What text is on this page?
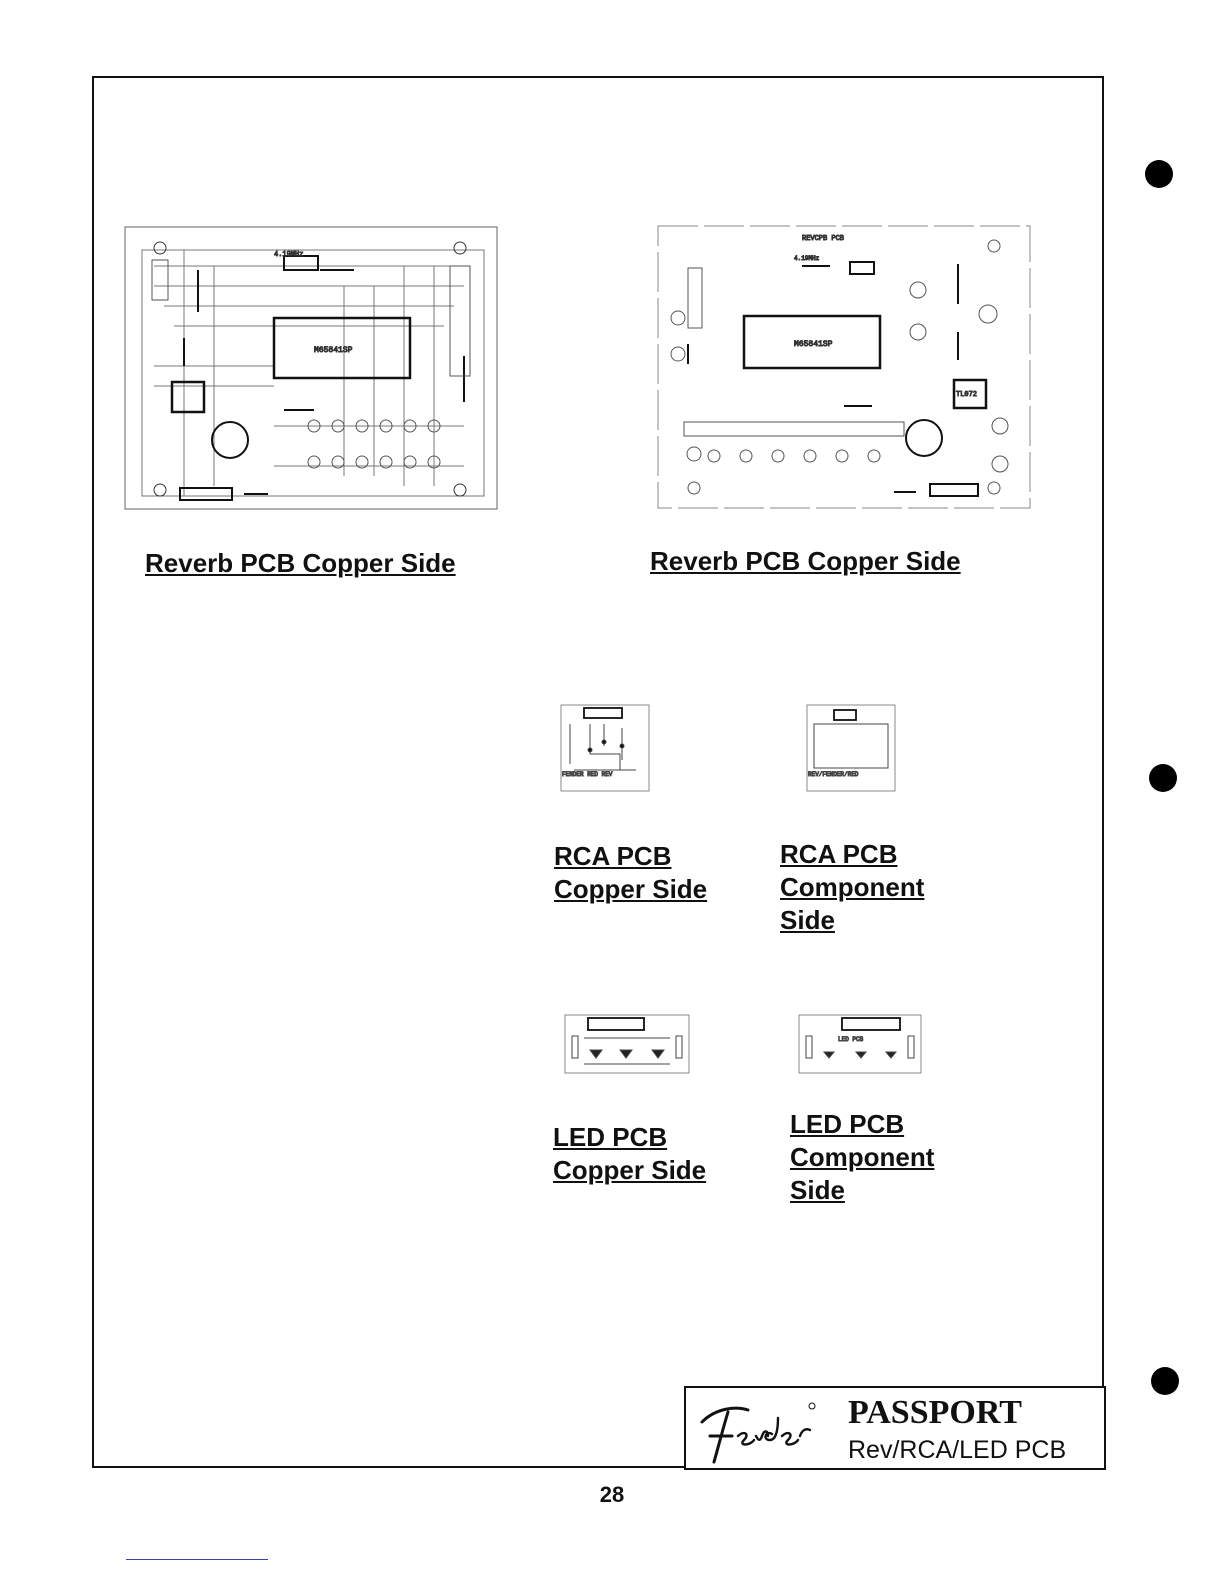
M65841SP
4.19MHz
REVCPB PCB
4.19MHz
M65841SP
TL072
Reverb PCB Copper Side	Reverb PCB Copper Side
FENDER RED REV	REV/FENDER/RED
RCA PCB
Copper Side
RCA PCB
Component
Side
LED PCB
LED PCB
Copper Side
LED PCB
Component
Side
PASSPORT
Rev/RCA/LED PCB
28
